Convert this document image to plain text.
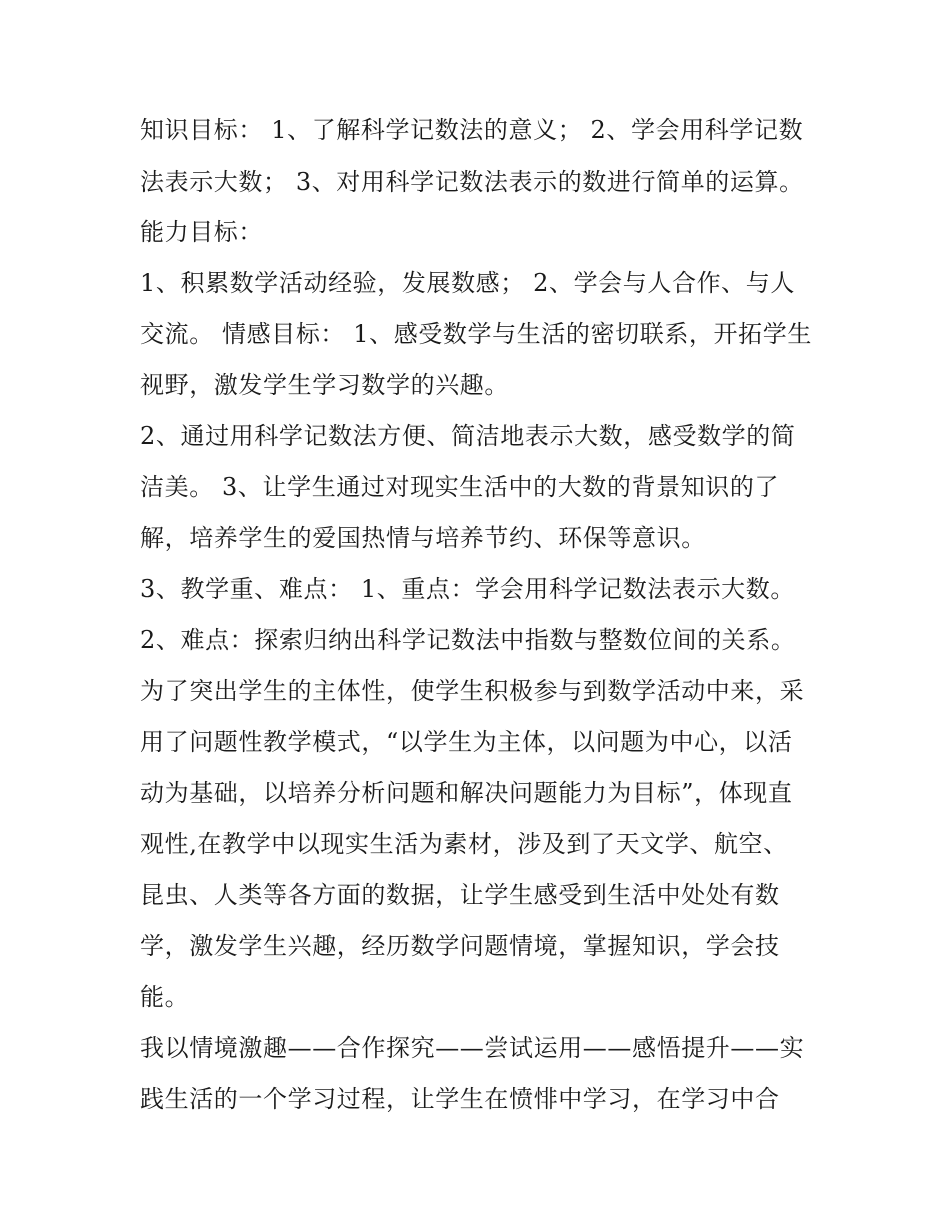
知识目标： 1、了解科学记数法的意义； 2、学会用科学记数
法表示大数； 3、对用科学记数法表示的数进行简单的运算。
能力目标：
1、积累数学活动经验，发展数感； 2、学会与人合作、与人
交流。 情感目标： 1、感受数学与生活的密切联系，开拓学生
视野，激发学生学习数学的兴趣。
2、通过用科学记数法方便、简洁地表示大数，感受数学的简
洁美。 3、让学生通过对现实生活中的大数的背景知识的了
解，培养学生的爱国热情与培养节约、环保等意识。
3、教学重、难点： 1、重点：学会用科学记数法表示大数。
2、难点：探索归纳出科学记数法中指数与整数位间的关系。
为了突出学生的主体性，使学生积极参与到数学活动中来，采
用了问题性教学模式，“以学生为主体，以问题为中心，以活
动为基础，以培养分析问题和解决问题能力为目标”，体现直
观性,在教学中以现实生活为素材，涉及到了天文学、航空、
昆虫、人类等各方面的数据，让学生感受到生活中处处有数
学，激发学生兴趣，经历数学问题情境，掌握知识，学会技
能。
我以情境激趣——合作探究——尝试运用——感悟提升——实
践生活的一个学习过程，让学生在愤悱中学习，在学习中合
